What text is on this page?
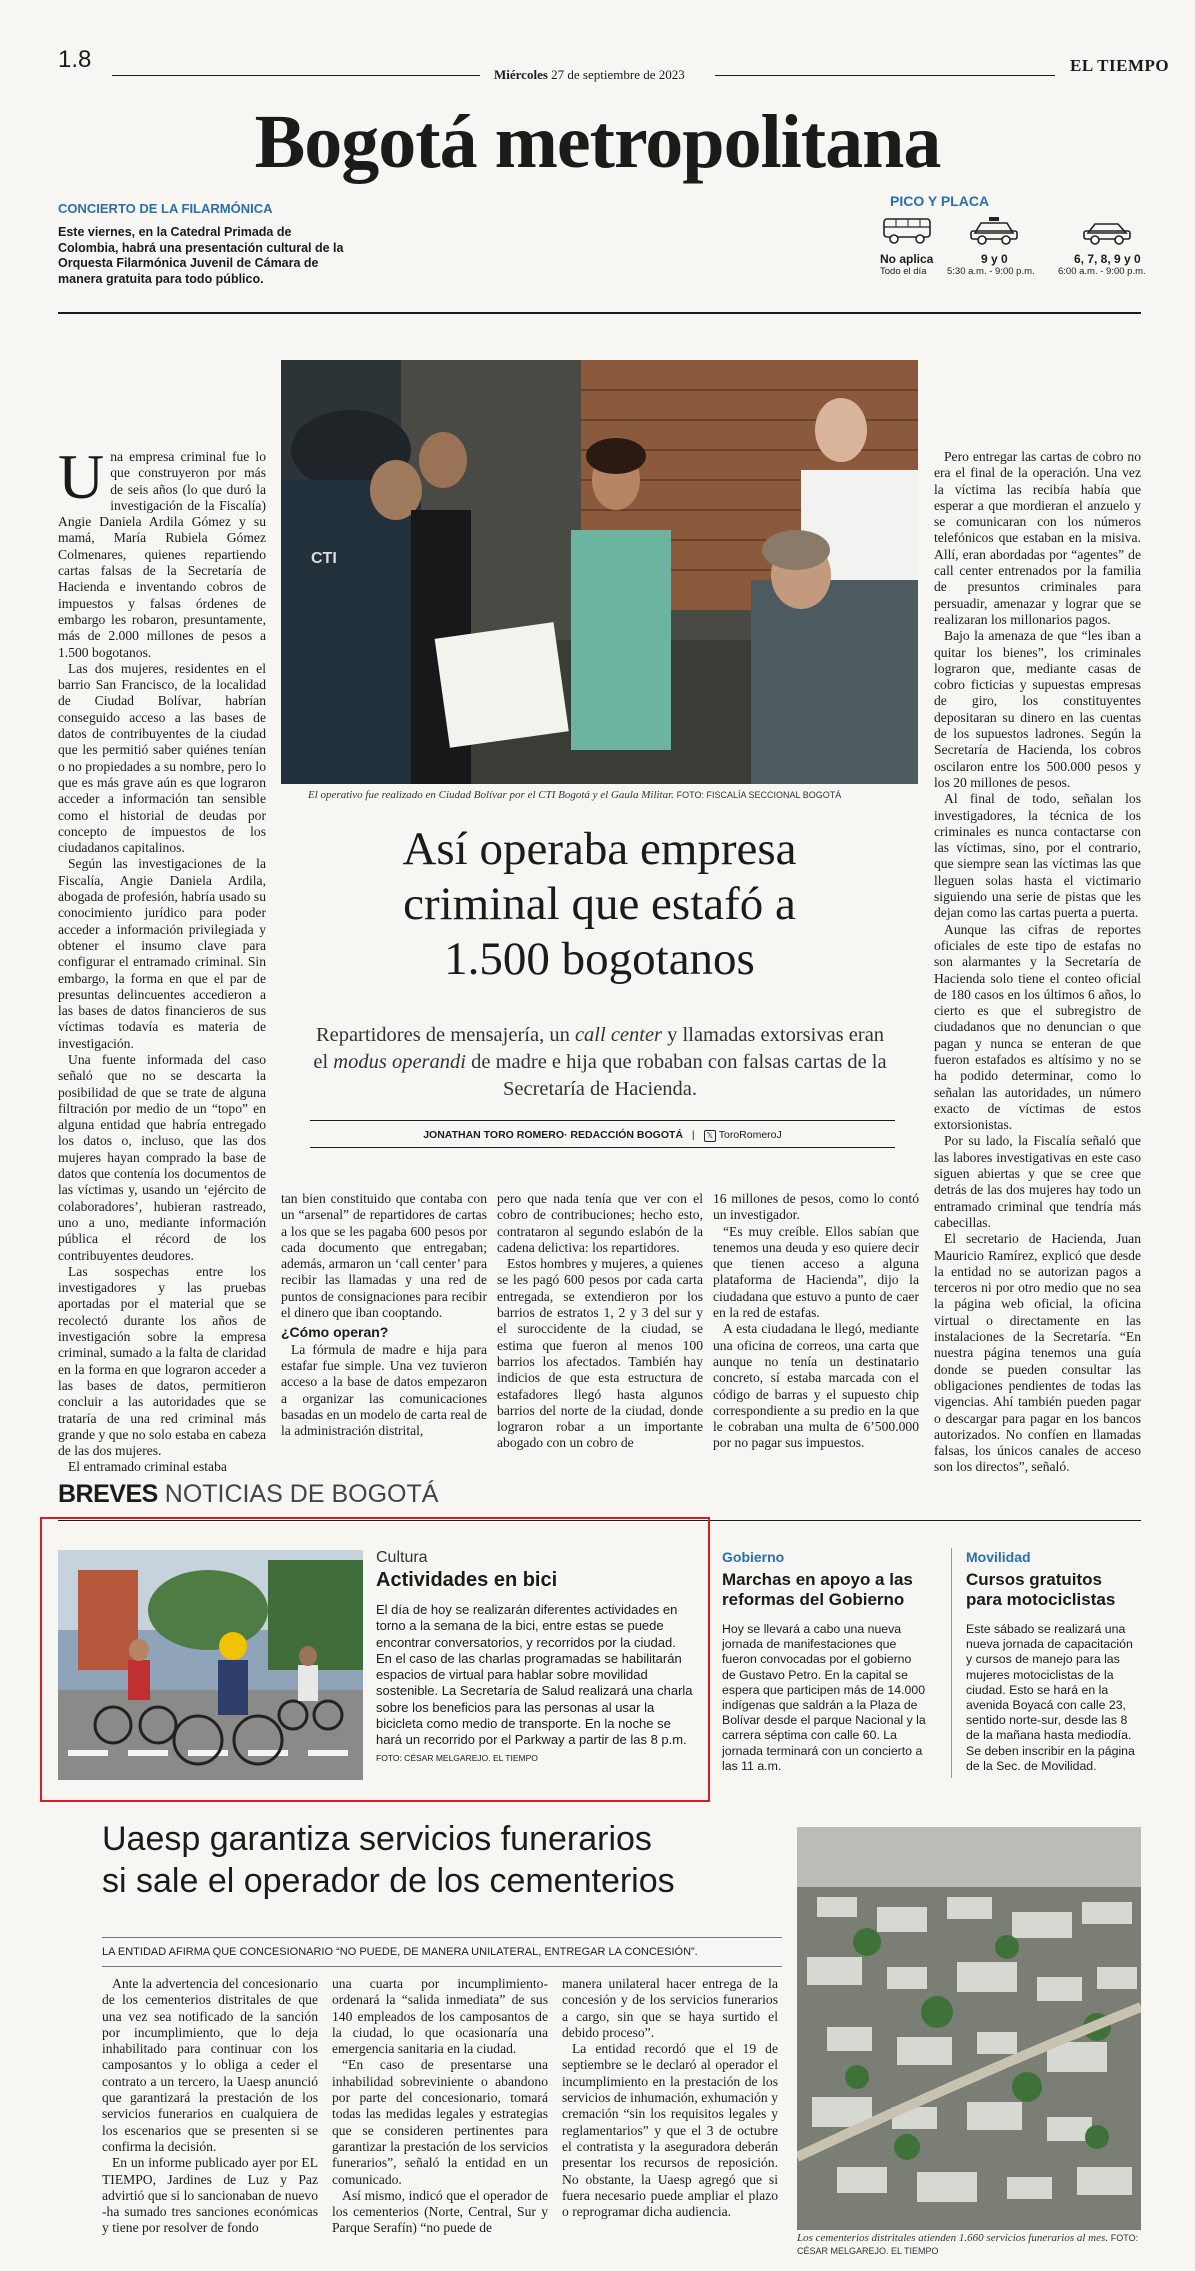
1.8
Miércoles 27 de septiembre de 2023	EL TIEMPO
Bogotá metropolitana
CONCIERTO DE LA FILARMÓNICA
Este viernes, en la Catedral Primada de Colombia, habrá una presentación cultural de la Orquesta Filarmónica Juvenil de Cámara de manera gratuita para todo público.
PICO Y PLACA
No aplica
Todo el día
9 y 0
5:30 a.m. - 9:00 p.m.
6, 7, 8, 9 y 0
6:00 a.m. - 9:00 p.m.
CTI
El operativo fue realizado en Ciudad Bolívar por el CTI Bogotá y el Gaula Militar. FOTO: FISCALÍA SECCIONAL BOGOTÁ
Así operaba empresa
criminal que estafó a
1.500 bogotanos
Repartidores de mensajería, un call center y llamadas extorsivas eran el modus operandi de madre e hija que robaban con falsas cartas de la Secretaría de Hacienda.
JONATHAN TORO ROMERO· REDACCIÓN BOGOTÁ | 𝕏 ToroRomeroJ
U na empresa criminal fue lo que construyeron por más de seis años (lo que duró la investigación de la Fiscalía) Angie Daniela Ardila Gómez y su mamá, María Rubiela Gómez Colmenares, quienes repartiendo cartas falsas de la Secretaría de Hacienda e inventando cobros de impuestos y falsas órdenes de embargo les robaron, presuntamente, más de 2.000 millones de pesos a 1.500 bogotanos.

Las dos mujeres, residentes en el barrio San Francisco, de la localidad de Ciudad Bolívar, habrían conseguido acceso a las bases de datos de contribuyentes de la ciudad que les permitió saber quiénes tenían o no propiedades a su nombre, pero lo que es más grave aún es que lograron acceder a información tan sensible como el historial de deudas por concepto de impuestos de los ciudadanos capitalinos.

Según las investigaciones de la Fiscalía, Angie Daniela Ardila, abogada de profesión, habría usado su conocimiento jurídico para poder acceder a información privilegiada y obtener el insumo clave para configurar el entramado criminal. Sin embargo, la forma en que el par de presuntas delincuentes accedieron a las bases de datos financieros de sus víctimas todavía es materia de investigación.

Una fuente informada del caso señaló que no se descarta la posibilidad de que se trate de alguna filtración por medio de un “topo” en alguna entidad que habría entregado los datos o, incluso, que las dos mujeres hayan comprado la base de datos que contenía los documentos de las víctimas y, usando un ‘ejército de colaboradores’, hubieran rastreado, uno a uno, mediante información pública el récord de los contribuyentes deudores.

Las sospechas entre los investigadores y las pruebas aportadas por el material que se recolectó durante los años de investigación sobre la empresa criminal, sumado a la falta de claridad en la forma en que lograron acceder a las bases de datos, permitieron concluir a las autoridades que se trataría de una red criminal más grande y que no solo estaba en cabeza de las dos mujeres.

El entramado criminal estaba

tan bien constituido que contaba con un “arsenal” de repartidores de cartas a los que se les pagaba 600 pesos por cada documento que entregaban; además, armaron un ‘call center’ para recibir las llamadas y una red de puntos de consignaciones para recibir el dinero que iban cooptando.

¿Cómo operan?

La fórmula de madre e hija para estafar fue simple. Una vez tuvieron acceso a la base de datos empezaron a organizar las comunicaciones basadas en un modelo de carta real de la administración distrital,

pero que nada tenía que ver con el cobro de contribuciones; hecho esto, contrataron al segundo eslabón de la cadena delictiva: los repartidores.

Estos hombres y mujeres, a quienes se les pagó 600 pesos por cada carta entregada, se extendieron por los barrios de estratos 1, 2 y 3 del sur y el suroccidente de la ciudad, se estima que fueron al menos 100 barrios los afectados. También hay indicios de que esta estructura de estafadores llegó hasta algunos barrios del norte de la ciudad, donde lograron robar a un importante abogado con un cobro de

16 millones de pesos, como lo contó un investigador.

“Es muy creíble. Ellos sabían que tenemos una deuda y eso quiere decir que tienen acceso a alguna plataforma de Hacienda”, dijo la ciudadana que estuvo a punto de caer en la red de estafas.

A esta ciudadana le llegó, mediante una oficina de correos, una carta que aunque no tenía un destinatario concreto, sí estaba marcada con el código de barras y el supuesto chip correspondiente a su predio en la que le cobraban una multa de 6’500.000 por no pagar sus impuestos.

Pero entregar las cartas de cobro no era el final de la operación. Una vez la víctima las recibía había que esperar a que mordieran el anzuelo y se comunicaran con los números telefónicos que estaban en la misiva. Allí, eran abordadas por “agentes” de call center entrenados por la familia de presuntos criminales para persuadir, amenazar y lograr que se realizaran los millonarios pagos.

Bajo la amenaza de que “les iban a quitar los bienes”, los criminales lograron que, mediante casas de cobro ficticias y supuestas empresas de giro, los constituyentes depositaran su dinero en las cuentas de los supuestos ladrones. Según la Secretaría de Hacienda, los cobros oscilaron entre los 500.000 pesos y los 20 millones de pesos.

Al final de todo, señalan los investigadores, la técnica de los criminales es nunca contactarse con las víctimas, sino, por el contrario, que siempre sean las víctimas las que lleguen solas hasta el victimario siguiendo una serie de pistas que les dejan como las cartas puerta a puerta.

Aunque las cifras de reportes oficiales de este tipo de estafas no son alarmantes y la Secretaría de Hacienda solo tiene el conteo oficial de 180 casos en los últimos 6 años, lo cierto es que el subregistro de ciudadanos que no denuncian o que pagan y nunca se enteran de que fueron estafados es altísimo y no se ha podido determinar, como lo señalan las autoridades, un número exacto de víctimas de estos extorsionistas.

Por su lado, la Fiscalía señaló que las labores investigativas en este caso siguen abiertas y que se cree que detrás de las dos mujeres hay todo un entramado criminal que tendría más cabecillas.

El secretario de Hacienda, Juan Mauricio Ramírez, explicó que desde la entidad no se autorizan pagos a terceros ni por otro medio que no sea la página web oficial, la oficina virtual o directamente en las instalaciones de la Secretaría. “En nuestra página tenemos una guía donde se pueden consultar las obligaciones pendientes de todas las vigencias. Ahí también pueden pagar o descargar para pagar en los bancos autorizados. No confíen en llamadas falsas, los únicos canales de acceso son los directos”, señaló.

BREVES NOTICIAS DE BOGOTÁ
Cultura
Actividades en bici
El día de hoy se realizarán diferentes actividades en torno a la semana de la bici, entre estas se puede encontrar conversatorios, y recorridos por la ciudad. En el caso de las charlas programadas se habilitarán espacios de virtual para hablar sobre movilidad sostenible. La Secretaría de Salud realizará una charla sobre los beneficios para las personas al usar la bicicleta como medio de transporte. En la noche se hará un recorrido por el Parkway a partir de las 8 p.m. FOTO: CÉSAR MELGAREJO. EL TIEMPO
Gobierno
Marchas en apoyo a las reformas del Gobierno
Hoy se llevará a cabo una nueva jornada de manifestaciones que fueron convocadas por el gobierno de Gustavo Petro. En la capital se espera que participen más de 14.000 indígenas que saldrán a la Plaza de Bolívar desde el parque Nacional y la carrera séptima con calle 60. La jornada terminará con un concierto a las 11 a.m.
Movilidad
Cursos gratuitos para motociclistas
Este sábado se realizará una nueva jornada de capacitación y cursos de manejo para las mujeres motociclistas de la ciudad. Esto se hará en la avenida Boyacá con calle 23, sentido norte-sur, desde las 8 de la mañana hasta mediodía. Se deben inscribir en la página de la Sec. de Movilidad.
Uaesp garantiza servicios funerarios
si sale el operador de los cementerios
LA ENTIDAD AFIRMA QUE CONCESIONARIO “NO PUEDE, DE MANERA UNILATERAL, ENTREGAR LA CONCESIÓN”.

Ante la advertencia del concesionario de los cementerios distritales de que una vez sea notificado de la sanción por incumplimiento, que lo deja inhabilitado para continuar con los camposantos y lo obliga a ceder el contrato a un tercero, la Uaesp anunció que garantizará la prestación de los servicios funerarios en cualquiera de los escenarios que se presenten si se confirma la decisión.

En un informe publicado ayer por EL TIEMPO, Jardines de Luz y Paz advirtió que si lo sancionaban de nuevo -ha sumado tres sanciones económicas y tiene por resolver de fondo

una cuarta por incumplimiento- ordenará la “salida inmediata” de sus 140 empleados de los camposantos de la ciudad, lo que ocasionaría una emergencia sanitaria en la ciudad.

“En caso de presentarse una inhabilidad sobreviniente o abandono por parte del concesionario, tomará todas las medidas legales y estrategias que se consideren pertinentes para garantizar la prestación de los servicios funerarios”, señaló la entidad en un comunicado.

Así mismo, indicó que el operador de los cementerios (Norte, Central, Sur y Parque Serafín) “no puede de

manera unilateral hacer entrega de la concesión y de los servicios funerarios a cargo, sin que se haya surtido el debido proceso”.

La entidad recordó que el 19 de septiembre se le declaró al operador el incumplimiento en la prestación de los servicios de inhumación, exhumación y cremación “sin los requisitos legales y reglamentarios” y que el 3 de octubre el contratista y la aseguradora deberán presentar los recursos de reposición. No obstante, la Uaesp agregó que si fuera necesario puede ampliar el plazo o reprogramar dicha audiencia.

Los cementerios distritales atienden 1.660 servicios funerarios al mes. FOTO: CÉSAR MELGAREJO. EL TIEMPO
